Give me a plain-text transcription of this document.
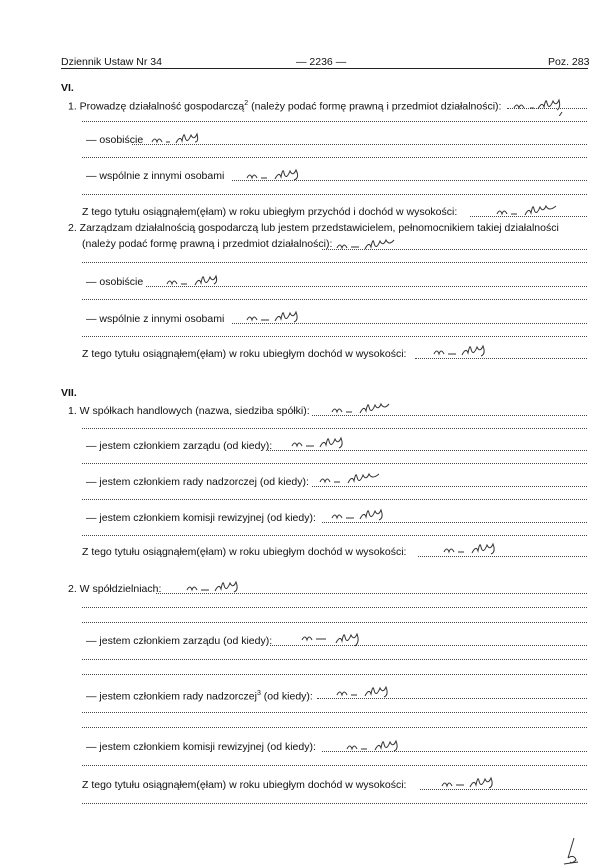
Dziennik Ustaw Nr 34	— 2236 —	Poz. 283
VI.
1. Prowadzę działalność gospodarczą$^2$ (należy podać formę prawną i przedmiot działalności):
— osobiście
— wspólnie z innymi osobami
Z tego tytułu osiągnąłem(ęłam) w roku ubiegłym przychód i dochód w wysokości:
2. Zarządzam działalnością gospodarczą lub jestem przedstawicielem, pełnomocnikiem takiej działalności
(należy podać formę prawną i przedmiot działalności):
— osobiście
— wspólnie z innymi osobami
Z tego tytułu osiągnąłem(ęłam) w roku ubiegłym dochód w wysokości:
VII.
1. W spółkach handlowych (nazwa, siedziba spółki):
— jestem członkiem zarządu (od kiedy):
— jestem członkiem rady nadzorczej (od kiedy):
— jestem członkiem komisji rewizyjnej (od kiedy):
Z tego tytułu osiągnąłem(ęłam) w roku ubiegłym dochód w wysokości:
2. W spółdzielniach:
— jestem członkiem zarządu (od kiedy):
— jestem członkiem rady nadzorczej$^3$ (od kiedy):
— jestem członkiem komisji rewizyjnej (od kiedy):
Z tego tytułu osiągnąłem(ęłam) w roku ubiegłym dochód w wysokości:
